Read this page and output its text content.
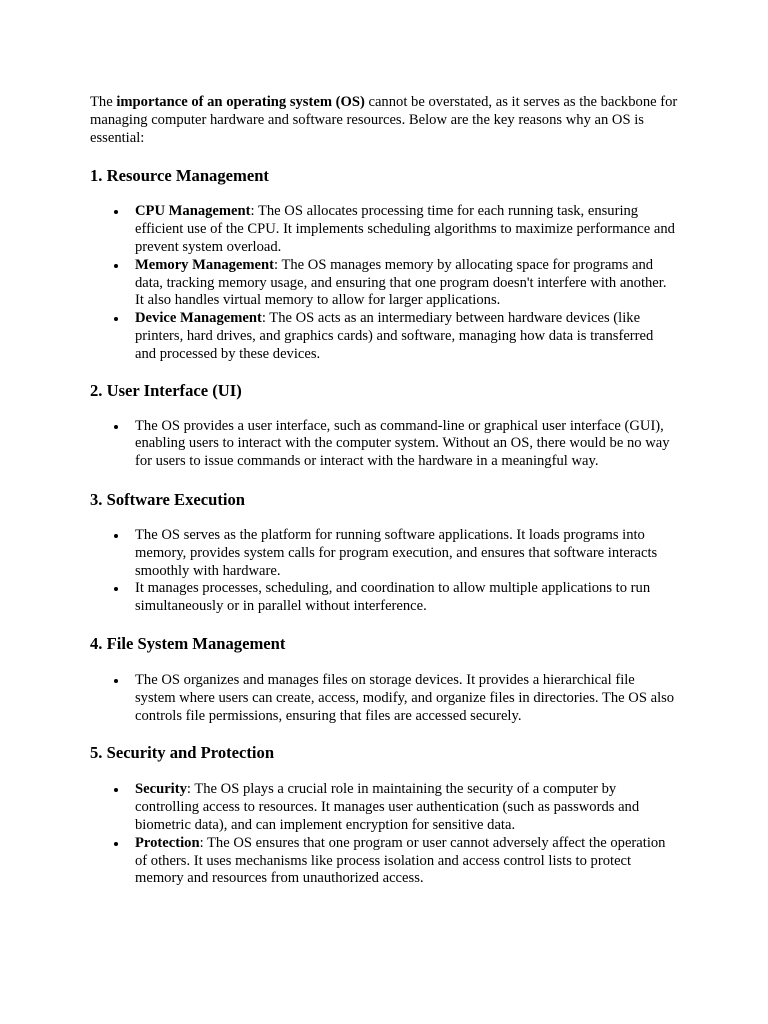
The importance of an operating system (OS) cannot be overstated, as it serves as the backbone for managing computer hardware and software resources. Below are the key reasons why an OS is essential:

1. Resource Management
CPU Management: The OS allocates processing time for each running task, ensuring efficient use of the CPU. It implements scheduling algorithms to maximize performance and prevent system overload.
Memory Management: The OS manages memory by allocating space for programs and data, tracking memory usage, and ensuring that one program doesn't interfere with another. It also handles virtual memory to allow for larger applications.
Device Management: The OS acts as an intermediary between hardware devices (like printers, hard drives, and graphics cards) and software, managing how data is transferred and processed by these devices.
2. User Interface (UI)
The OS provides a user interface, such as command-line or graphical user interface (GUI), enabling users to interact with the computer system. Without an OS, there would be no way for users to issue commands or interact with the hardware in a meaningful way.
3. Software Execution
The OS serves as the platform for running software applications. It loads programs into memory, provides system calls for program execution, and ensures that software interacts smoothly with hardware.
It manages processes, scheduling, and coordination to allow multiple applications to run simultaneously or in parallel without interference.
4. File System Management
The OS organizes and manages files on storage devices. It provides a hierarchical file system where users can create, access, modify, and organize files in directories. The OS also controls file permissions, ensuring that files are accessed securely.
5. Security and Protection
Security: The OS plays a crucial role in maintaining the security of a computer by controlling access to resources. It manages user authentication (such as passwords and biometric data), and can implement encryption for sensitive data.
Protection: The OS ensures that one program or user cannot adversely affect the operation of others. It uses mechanisms like process isolation and access control lists to protect memory and resources from unauthorized access.
